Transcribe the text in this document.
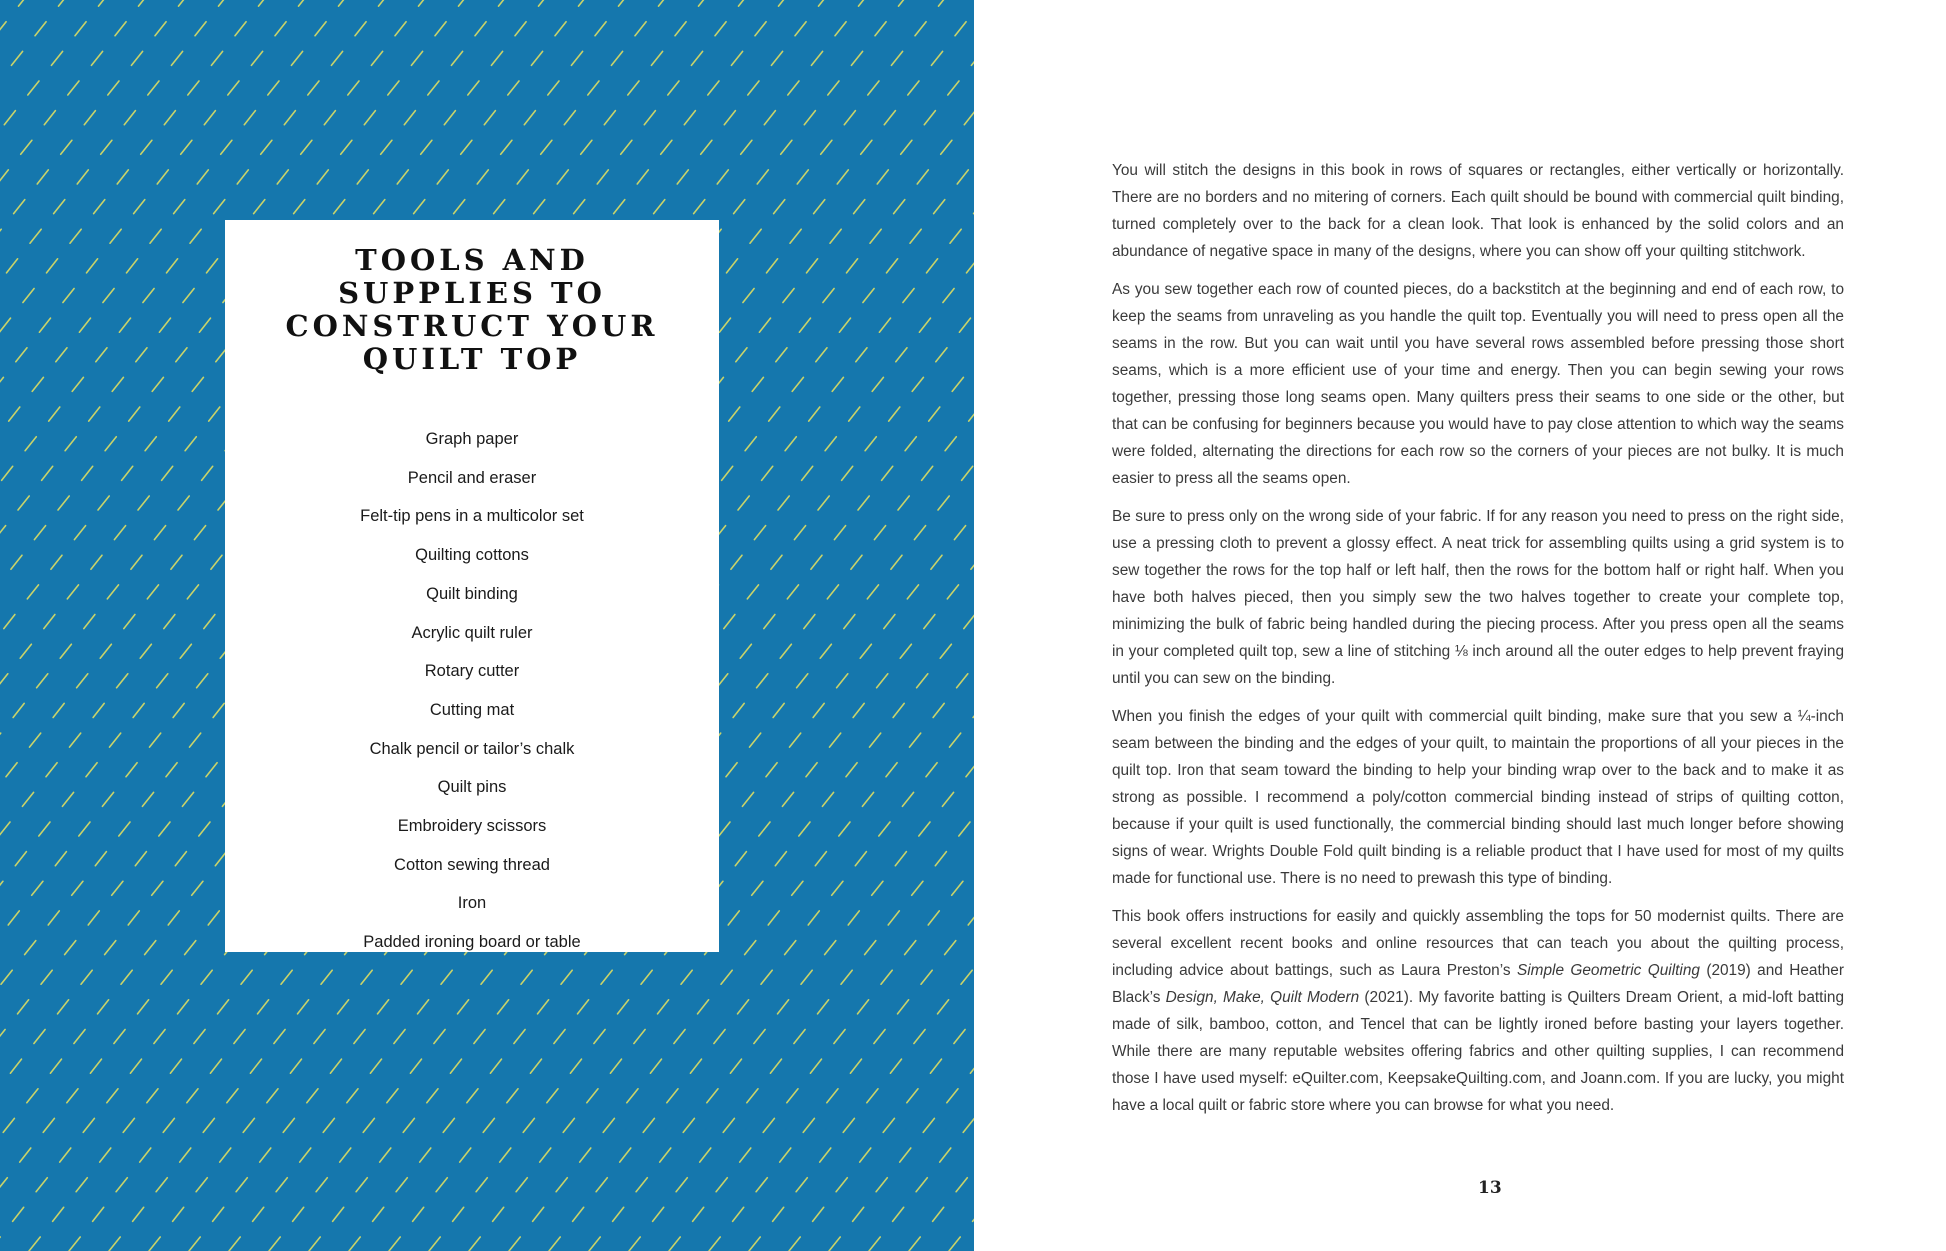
TOOLS AND SUPPLIES TO CONSTRUCT YOUR QUILT TOP
Graph paper
Pencil and eraser
Felt-tip pens in a multicolor set
Quilting cottons
Quilt binding
Acrylic quilt ruler
Rotary cutter
Cutting mat
Chalk pencil or tailor’s chalk
Quilt pins
Embroidery scissors
Cotton sewing thread
Iron
Padded ironing board or table

You will stitch the designs in this book in rows of squares or rectangles, either vertically or horizontally. There are no borders and no mitering of corners. Each quilt should be bound with commercial quilt binding, turned completely over to the back for a clean look. That look is enhanced by the solid colors and an abundance of negative space in many of the designs, where you can show off your quilting stitchwork.

As you sew together each row of counted pieces, do a backstitch at the beginning and end of each row, to keep the seams from unraveling as you handle the quilt top. Eventually you will need to press open all the seams in the row. But you can wait until you have several rows assembled before pressing those short seams, which is a more efficient use of your time and energy. Then you can begin sewing your rows together, pressing those long seams open. Many quilters press their seams to one side or the other, but that can be confusing for beginners because you would have to pay close attention to which way the seams were folded, alternating the directions for each row so the corners of your pieces are not bulky. It is much easier to press all the seams open.

Be sure to press only on the wrong side of your fabric. If for any reason you need to press on the right side, use a pressing cloth to prevent a glossy effect. A neat trick for assembling quilts using a grid system is to sew together the rows for the top half or left half, then the rows for the bottom half or right half. When you have both halves pieced, then you simply sew the two halves together to create your complete top, minimizing the bulk of fabric being handled during the piecing process. After you press open all the seams in your completed quilt top, sew a line of stitching ⅛ inch around all the outer edges to help prevent fraying until you can sew on the binding.

When you finish the edges of your quilt with commercial quilt binding, make sure that you sew a ¼-inch seam between the binding and the edges of your quilt, to maintain the proportions of all your pieces in the quilt top. Iron that seam toward the binding to help your binding wrap over to the back and to make it as strong as possible. I recommend a poly/cotton commercial binding instead of strips of quilting cotton, because if your quilt is used functionally, the commercial binding should last much longer before showing signs of wear. Wrights Double Fold quilt binding is a reliable product that I have used for most of my quilts made for functional use. There is no need to prewash this type of binding.

This book offers instructions for easily and quickly assembling the tops for 50 modernist quilts. There are several excellent recent books and online resources that can teach you about the quilting process, including advice about battings, such as Laura Preston’s Simple Geometric Quilting (2019) and Heather Black’s Design, Make, Quilt Modern (2021). My favorite batting is Quilters Dream Orient, a mid-loft batting made of silk, bamboo, cotton, and Tencel that can be lightly ironed before basting your layers together. While there are many reputable websites offering fabrics and other quilting supplies, I can recommend those I have used myself: eQuilter.com, KeepsakeQuilting.com, and Joann.com. If you are lucky, you might have a local quilt or fabric store where you can browse for what you need.

13
